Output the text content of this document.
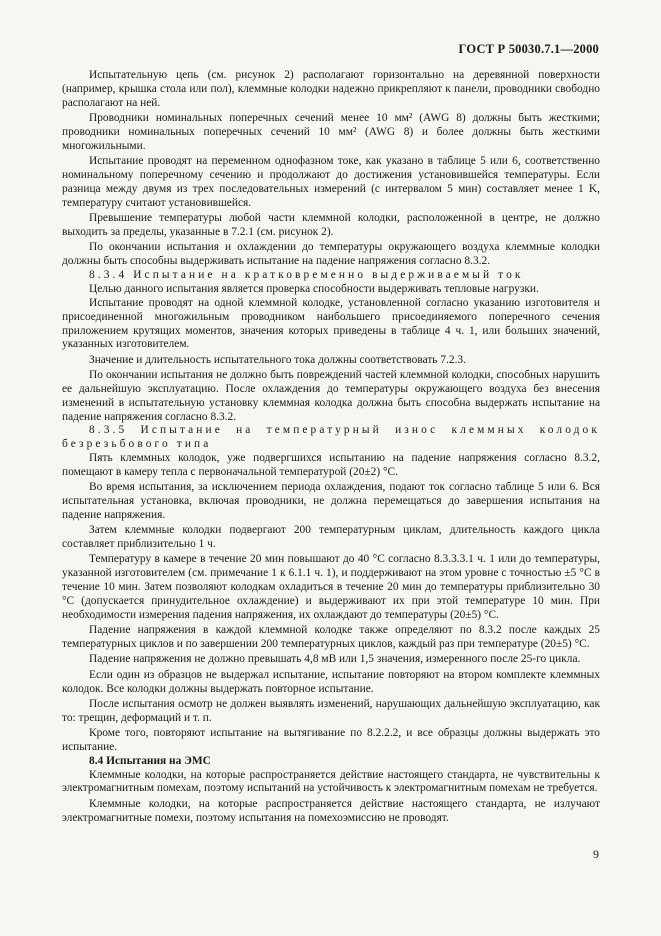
ГОСТ Р 50030.7.1—2000

Испытательную цепь (см. рисунок 2) располагают горизонтально на деревянной поверхности (например, крышка стола или пол), клеммные колодки надежно прикрепляют к панели, проводники свободно располагают на ней.

Проводники номинальных поперечных сечений менее 10 мм² (AWG 8) должны быть жесткими; проводники номинальных поперечных сечений 10 мм² (AWG 8) и более должны быть жесткими многожильными.

Испытание проводят на переменном однофазном токе, как указано в таблице 5 или 6, соответственно номинальному поперечному сечению и продолжают до достижения установившейся температуры. Если разница между двумя из трех последовательных измерений (с интервалом 5 мин) составляет менее 1 K, температуру считают установившейся.

Превышение температуры любой части клеммной колодки, расположенной в центре, не должно выходить за пределы, указанные в 7.2.1 (см. рисунок 2).

По окончании испытания и охлаждении до температуры окружающего воздуха клеммные колодки должны быть способны выдерживать испытание на падение напряжения согласно 8.3.2.

8.3.4 Испытание на кратковременно выдерживаемый ток

Целью данного испытания является проверка способности выдерживать тепловые нагрузки.

Испытание проводят на одной клеммной колодке, установленной согласно указанию изготовителя и присоединенной многожильным проводником наибольшего присоединяемого поперечного сечения приложением крутящих моментов, значения которых приведены в таблице 4 ч. 1, или больших значений, указанных изготовителем.

Значение и длительность испытательного тока должны соответствовать 7.2.3.

По окончании испытания не должно быть повреждений частей клеммной колодки, способных нарушить ее дальнейшую эксплуатацию. После охлаждения до температуры окружающего воздуха без внесения изменений в испытательную установку клеммная колодка должна быть способна выдержать испытание на падение напряжения согласно 8.3.2.

8.3.5 Испытание на температурный износ клеммных колодок безрезьбового типа

Пять клеммных колодок, уже подвергшихся испытанию на падение напряжения согласно 8.3.2, помещают в камеру тепла с первоначальной температурой (20±2) °C.

Во время испытания, за исключением периода охлаждения, подают ток согласно таблице 5 или 6. Вся испытательная установка, включая проводники, не должна перемещаться до завершения испытания на падение напряжения.

Затем клеммные колодки подвергают 200 температурным циклам, длительность каждого цикла составляет приблизительно 1 ч.

Температуру в камере в течение 20 мин повышают до 40 °C согласно 8.3.3.3.1 ч. 1 или до температуры, указанной изготовителем (см. примечание 1 к 6.1.1 ч. 1), и поддерживают на этом уровне с точностью ±5 °C в течение 10 мин. Затем позволяют колодкам охладиться в течение 20 мин до температуры приблизительно 30 °C (допускается принудительное охлаждение) и выдерживают их при этой температуре 10 мин. При необходимости измерения падения напряжения, их охлаждают до температуры (20±5) °C.

Падение напряжения в каждой клеммной колодке также определяют по 8.3.2 после каждых 25 температурных циклов и по завершении 200 температурных циклов, каждый раз при температуре (20±5) °C.

Падение напряжения не должно превышать 4,8 мВ или 1,5 значения, измеренного после 25-го цикла.

Если один из образцов не выдержал испытание, испытание повторяют на втором комплекте клеммных колодок. Все колодки должны выдержать повторное испытание.

После испытания осмотр не должен выявлять изменений, нарушающих дальнейшую эксплуатацию, как то: трещин, деформаций и т. п.

Кроме того, повторяют испытание на вытягивание по 8.2.2.2, и все образцы должны выдержать это испытание.

8.4 Испытания на ЭМС

Клеммные колодки, на которые распространяется действие настоящего стандарта, не чувствительны к электромагнитным помехам, поэтому испытаний на устойчивость к электромагнитным помехам не требуется.

Клеммные колодки, на которые распространяется действие настоящего стандарта, не излучают электромагнитные помехи, поэтому испытания на помехоэмиссию не проводят.

9
